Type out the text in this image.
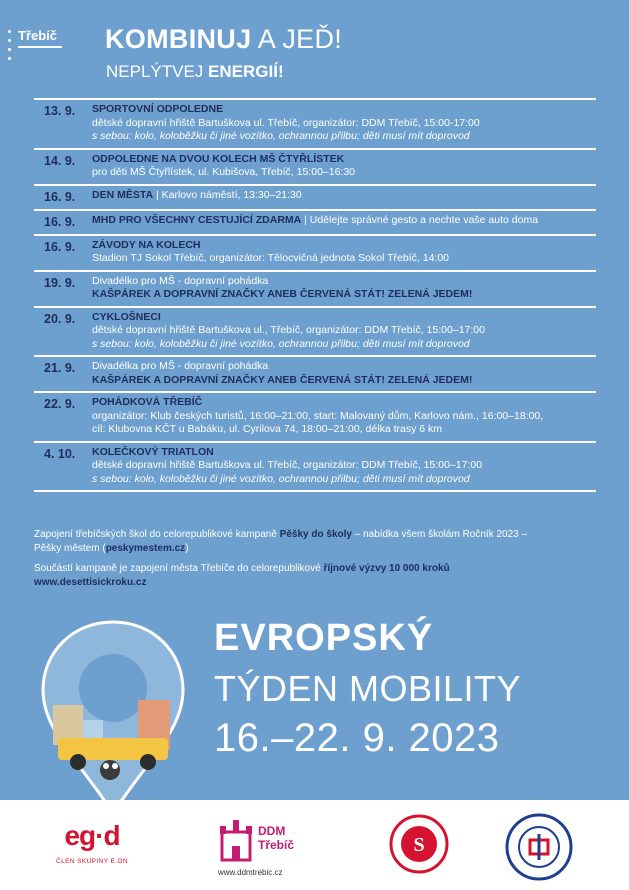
Třebíč KOMBINUJ A JEĎ!
NEPLÝTVEJ ENERGIÍ!
13. 9.	SPORTOVNÍ ODPOLEDNE
dětské dopravní hřiště Bartuškova ul. Třebíč, organizátor: DDM Třebíč, 15:00-17:00
s sebou: kolo, koloběžku či jiné vozítko, ochrannou přilbu; děti musí mít doprovod
14. 9.	ODPOLEDNE NA DVOU KOLECH MŠ ČTYŘLÍSTEK
pro děti MŠ Čtyřlístek, ul. Kubišova, Třebíč, 15:00–16:30
16. 9.	DEN MĚSTA | Karlovo náměstí, 13:30–21:30
16. 9.	MHD PRO VŠECHNY CESTUJÍCÍ ZDARMA | Udělejte správné gesto a nechte vaše auto doma
16. 9.	ZÁVODY NA KOLECH
Stadion TJ Sokol Třebíč, organizátor: Tělocvičná jednota Sokol Třebíč, 14:00
19. 9.	Divadélko pro MŠ - dopravní pohádka
KAŠPÁREK A DOPRAVNÍ ZNAČKY ANEB ČERVENÁ STÁT! ZELENÁ JEDEM!
20. 9.	CYKLOŠNECI
dětské dopravní hřiště Bartuškova ul., Třebíč, organizátor: DDM Třebíč, 15:00–17:00
s sebou: kolo, koloběžku či jiné vozítko, ochrannou přilbu; děti musí mít doprovod
21. 9.	Divadélka pro MŠ - dopravní pohádka
KAŠPÁREK A DOPRAVNÍ ZNAČKY ANEB ČERVENÁ STÁT! ZELENÁ JEDEM!
22. 9.	POHÁDKOVÁ TŘEBÍČ
organizátor: Klub českých turistů, 16:00–21:00, start: Malovaný dům, Karlovo nám., 16:00–18:00,
cíl: Klubovna KČT u Babáku, ul. Cyrilova 74, 18:00–21:00, délka trasy 6 km
4. 10.	KOLEČKOVÝ TRIATLON
dětské dopravní hřiště Bartuškova ul. Třebíč, organizátor: DDM Třebíč, 15:00–17:00
s sebou: kolo, koloběžku či jiné vozítko, ochrannou přilbu; děti musí mít doprovod

Zapojení třebíčských škol do celorepublikové kampaně Pěšky do školy – nabídka všem školám Ročník 2023 –
Pěšky městem (peskymestem.cz)

Součástí kampaně je zapojení města Třebíče do celorepublikové říjnové výzvy 10 000 kroků
www.desettisickroku.cz

EVROPSKÝ
TÝDEN MOBILITY
16.–22. 9. 2023
eg·d
ČLEN SKUPINY E.ON
DDM
Třebíč
www.ddmtrebic.cz
S
